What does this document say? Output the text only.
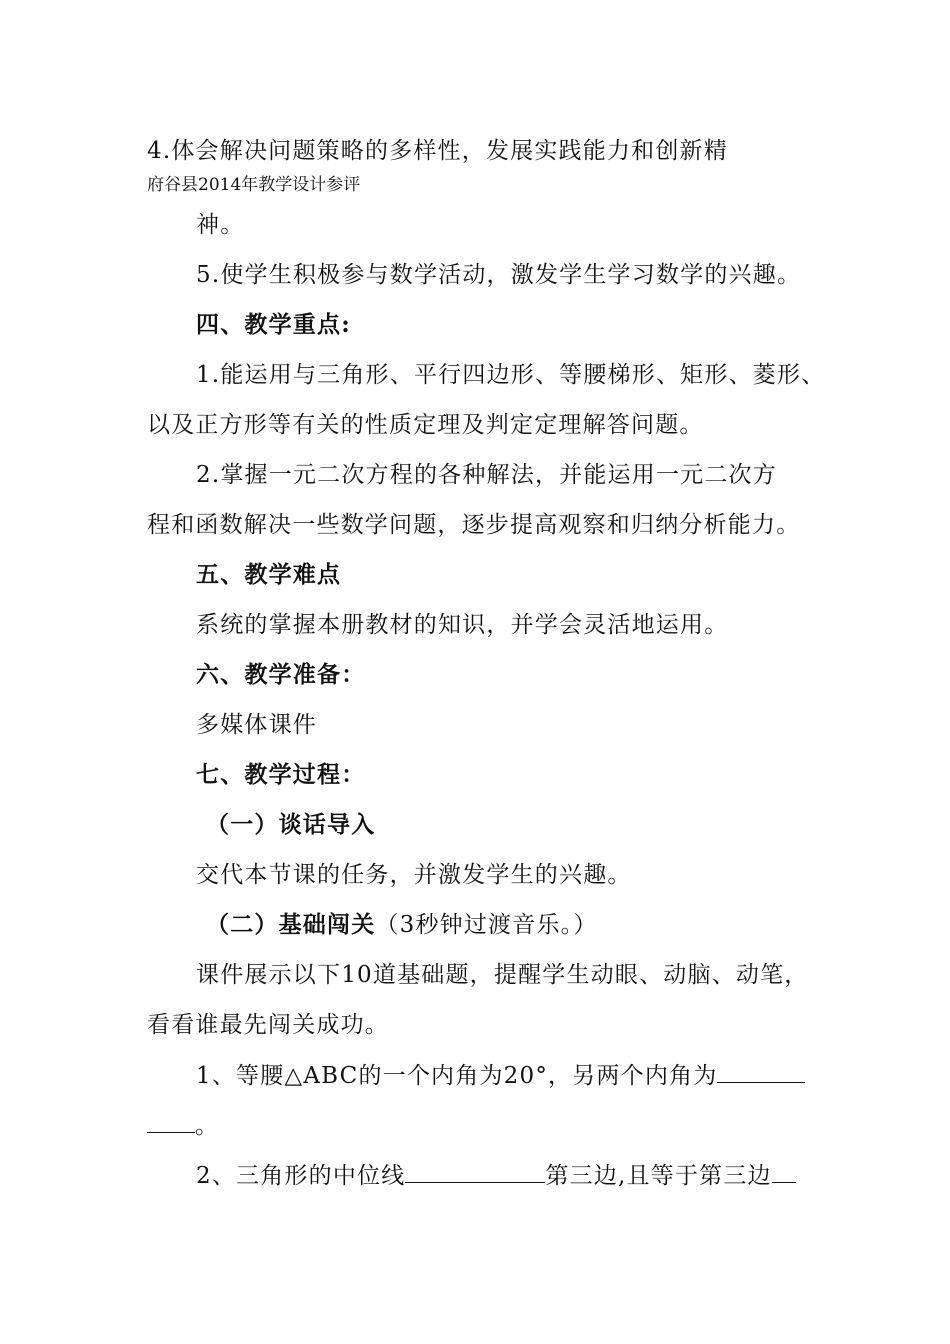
4.体会解决问题策略的多样性，发展实践能力和创新精
府谷县2014年教学设计参评
神。
5.使学生积极参与数学活动，激发学生学习数学的兴趣。
四、教学重点:
1.能运用与三角形、平行四边形、等腰梯形、矩形、菱形、
以及正方形等有关的性质定理及判定定理解答问题。
2.掌握一元二次方程的各种解法，并能运用一元二次方
程和函数解决一些数学问题，逐步提高观察和归纳分析能力。
五、教学难点
系统的掌握本册教材的知识，并学会灵活地运用。
六、教学准备：
多媒体课件
七、教学过程：
（一）谈话导入
交代本节课的任务，并激发学生的兴趣。
（二）基础闯关（3秒钟过渡音乐。）
课件展示以下10道基础题，提醒学生动眼、动脑、动笔，
看看谁最先闯关成功。
1、等腰△ABC的一个内角为20°，另两个内角为
。
2、三角形的中位线	第三边,且等于第三边
